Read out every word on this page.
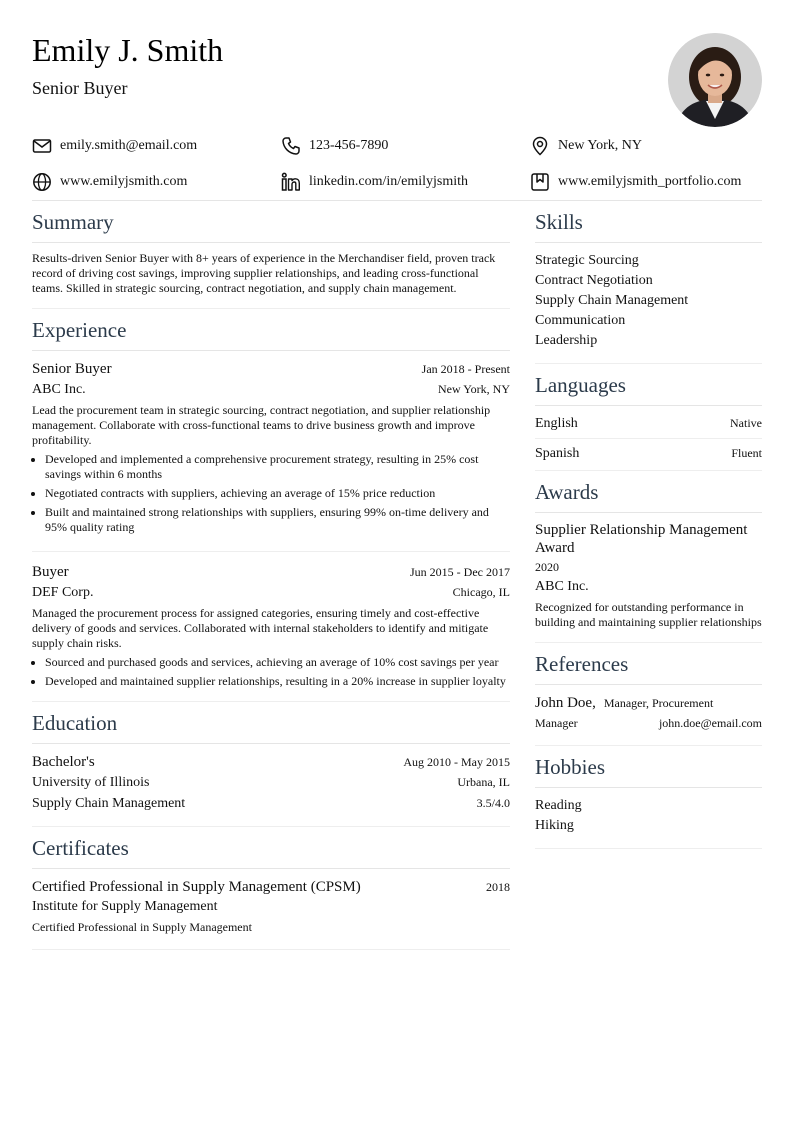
Emily J. Smith
Senior Buyer
emily.smith@email.com	123-456-7890	New York, NY
www.emilyjsmith.com	linkedin.com/in/emilyjsmith	www.emilyjsmith_portfolio.com
Summary
Results-driven Senior Buyer with 8+ years of experience in the Merchandiser field, proven track record of driving cost savings, improving supplier relationships, and leading cross-functional teams. Skilled in strategic sourcing, contract negotiation, and supply chain management.
Experience
Senior Buyer	Jan 2018 - Present
ABC Inc.	New York, NY
Lead the procurement team in strategic sourcing, contract negotiation, and supplier relationship management. Collaborate with cross-functional teams to drive business growth and improve profitability.
• Developed and implemented a comprehensive procurement strategy, resulting in 25% cost savings within 6 months
• Negotiated contracts with suppliers, achieving an average of 15% price reduction
• Built and maintained strong relationships with suppliers, ensuring 99% on-time delivery and 95% quality rating
Buyer	Jun 2015 - Dec 2017
DEF Corp.	Chicago, IL
Managed the procurement process for assigned categories, ensuring timely and cost-effective delivery of goods and services. Collaborated with internal stakeholders to identify and mitigate supply chain risks.
• Sourced and purchased goods and services, achieving an average of 10% cost savings per year
• Developed and maintained supplier relationships, resulting in a 20% increase in supplier loyalty
Education
Bachelor's	Aug 2010 - May 2015
University of Illinois	Urbana, IL
Supply Chain Management	3.5/4.0
Certificates
Certified Professional in Supply Management (CPSM)	2018
Institute for Supply Management
Certified Professional in Supply Management
Skills
Strategic Sourcing
Contract Negotiation
Supply Chain Management
Communication
Leadership
Languages
English	Native
Spanish	Fluent
Awards
Supplier Relationship Management Award
2020
ABC Inc.
Recognized for outstanding performance in building and maintaining supplier relationships
References
John Doe, Manager, Procurement
Manager	john.doe@email.com
Hobbies
Reading
Hiking
